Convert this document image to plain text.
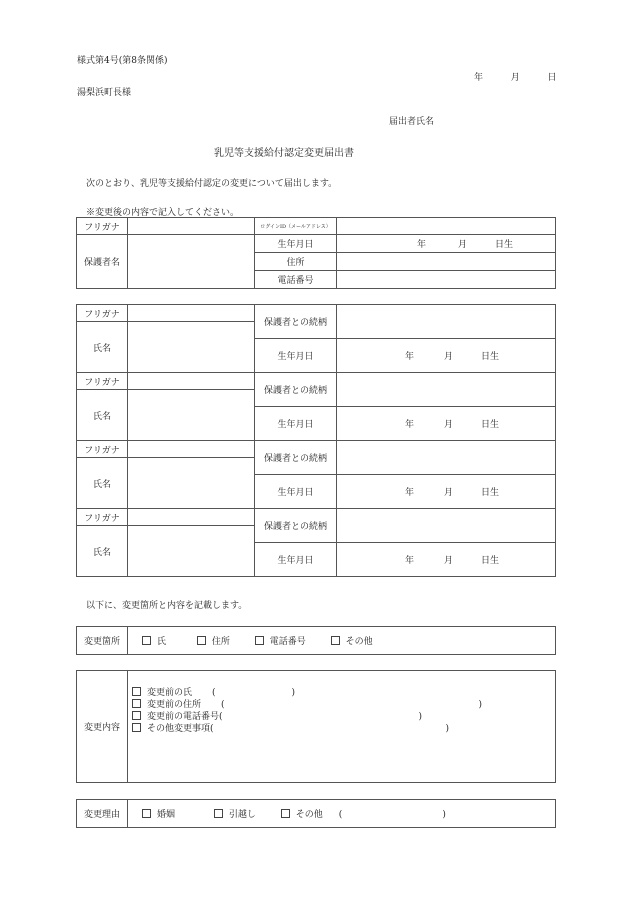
様式第4号(第8条関係)
年	月	日
湯梨浜町長様
届出者氏名
乳児等支援給付認定変更届出書
次のとおり、乳児等支援給付認定の変更について届出します。
※変更後の内容で記入してください。
フリガナ		ログインID（メールアドレス）	
保護者名		生年月日	年 月 日生
		住所	
		電話番号	
フリガナ		保護者との続柄	
氏名			
		生年月日	年 月 日生

フリガナ		保護者との続柄	
氏名			
		生年月日	年 月 日生

フリガナ		保護者との続柄	
氏名			
		生年月日	年 月 日生

フリガナ		保護者との続柄	
氏名			
		生年月日	年 月 日生

以下に、変更箇所と内容を記載します。
変更箇所	氏	住所	電話番号	その他
変更内容	
変更前の氏 (	)
変更前の住所 (	)
変更前の電話番号(	)
その他変更事項(	)
変更理由	婚姻	引越し	その他 (	)
